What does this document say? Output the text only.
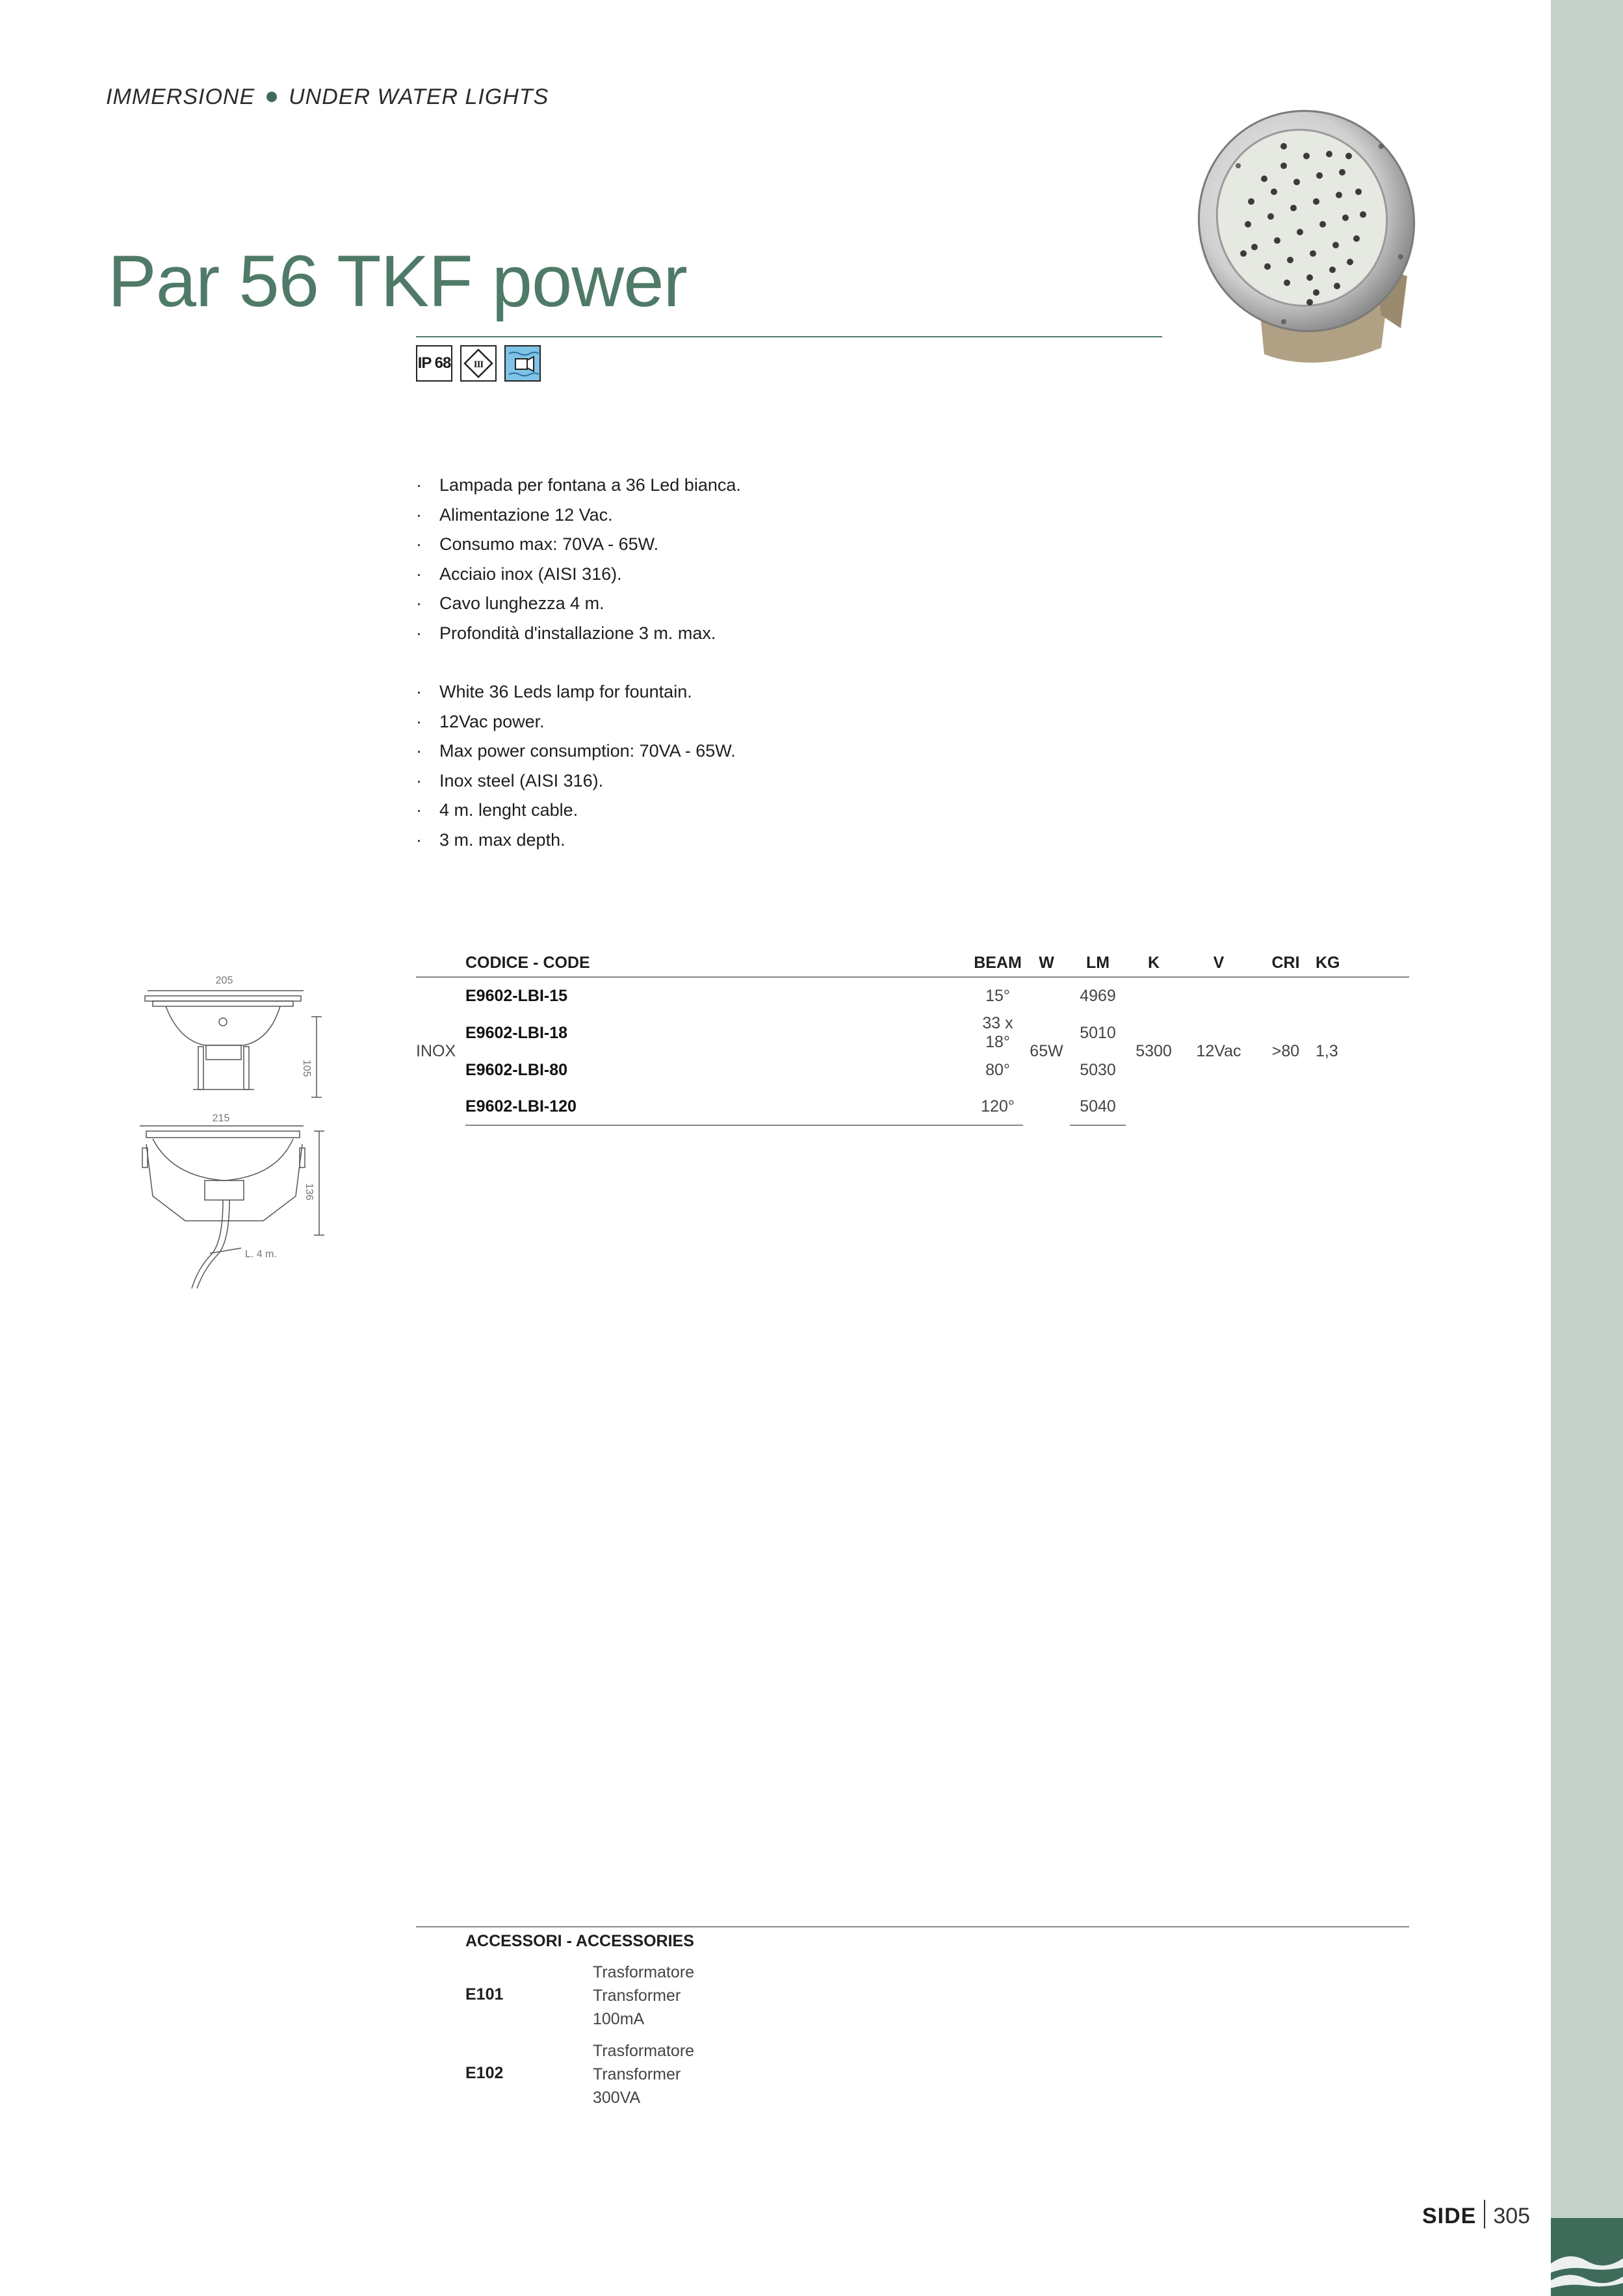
IMMERSIONE UNDER WATER LIGHTS
Par 56 TKF power
IP 68 III
· Lampada per fontana a 36 Led bianca.
· Alimentazione 12 Vac.
· Consumo max: 70VA - 65W.
· Acciaio inox (AISI 316).
· Cavo lunghezza 4 m.
· Profondità d'installazione 3 m. max.
· White 36 Leds lamp for fountain.
· 12Vac power.
· Max power consumption: 70VA - 65W.
· Inox steel (AISI 316).
· 4 m. lenght cable.
· 3 m. max depth.
205
105
215
136
L. 4 m.
	CODICE - CODE	BEAM	W	LM	K	V	CRI	KG
INOX	E9602-LBI-15	15°	65W	4969	5300	12Vac	>80	1,3
	E9602-LBI-18	33 x 18°		5010				
	E9602-LBI-80	80°		5030				
	E9602-LBI-120	120°		5040				
ACCESSORI - ACCESSORIES
E101
Trasformatore
Transformer
100mA
E102
Trasformatore
Transformer
300VA
SIDE 305
